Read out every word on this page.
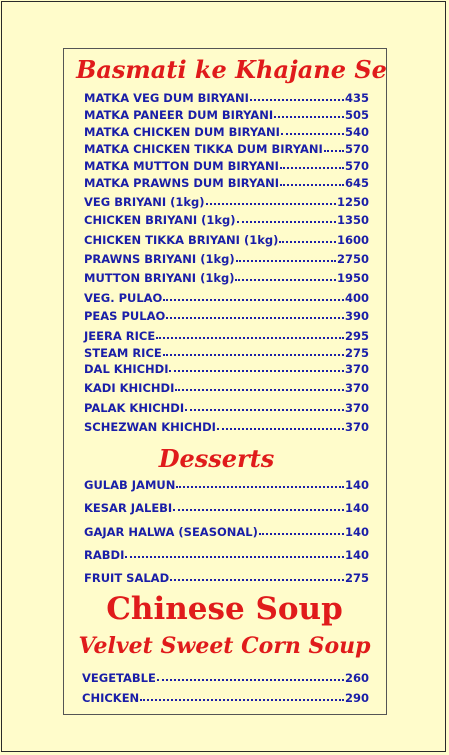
Basmati ke Khajane Se
MATKA VEG DUM BIRYANI	435
MATKA PANEER DUM BIRYANI	505
MATKA CHICKEN DUM BIRYANI	540
MATKA CHICKEN TIKKA DUM BIRYANI 570
MATKA MUTTON DUM BIRYANI	570
MATKA PRAWNS DUM BIRYANI	645
VEG BRIYANI (1kg)	1250
CHICKEN BRIYANI (1kg)	1350
CHICKEN TIKKA BRIYANI (1kg)	1600
PRAWNS BRIYANI (1kg)	2750
MUTTON BRIYANI (1kg)	1950
VEG. PULAO	400
PEAS PULAO	390
JEERA RICE	295
STEAM RICE	275
DAL KHICHDI	370
KADI KHICHDI	370
PALAK KHICHDI	370
SCHEZWAN KHICHDI	370
Desserts
GULAB JAMUN	140
KESAR JALEBI	140
GAJAR HALWA (SEASONAL)	140
RABDI	140
FRUIT SALAD	275
Chinese Soup
Velvet Sweet Corn Soup
VEGETABLE	260
CHICKEN	290
